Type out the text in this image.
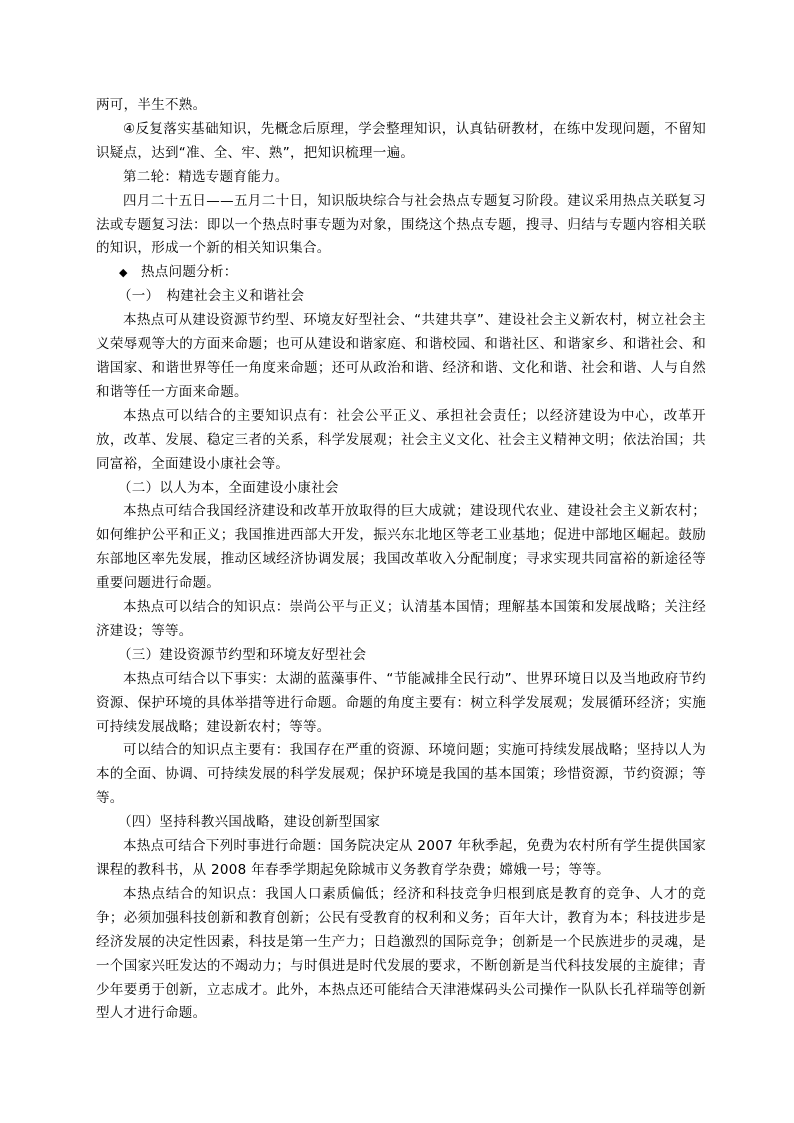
两可，半生不熟。

④反复落实基础知识，先概念后原理，学会整理知识，认真钻研教材，在练中发现问题，不留知识疑点，达到“准、全、牢、熟”，把知识梳理一遍。

第二轮：精选专题育能力。

四月二十五日——五月二十日，知识版块综合与社会热点专题复习阶段。建议采用热点关联复习法或专题复习法：即以一个热点时事专题为对象，围绕这个热点专题，搜寻、归结与专题内容相关联的知识，形成一个新的相关知识集合。

◆ 热点问题分析：

（一）　构建社会主义和谐社会

本热点可从建设资源节约型、环境友好型社会、“共建共享”、建设社会主义新农村，树立社会主义荣辱观等大的方面来命题；也可从建设和谐家庭、和谐校园、和谐社区、和谐家乡、和谐社会、和谐国家、和谐世界等任一角度来命题；还可从政治和谐、经济和谐、文化和谐、社会和谐、人与自然和谐等任一方面来命题。

本热点可以结合的主要知识点有：社会公平正义、承担社会责任；以经济建设为中心，改革开放，改革、发展、稳定三者的关系，科学发展观；社会主义文化、社会主义精神文明；依法治国；共同富裕，全面建设小康社会等。

（二）以人为本，全面建设小康社会

本热点可结合我国经济建设和改革开放取得的巨大成就；建设现代农业、建设社会主义新农村；如何维护公平和正义；我国推进西部大开发，振兴东北地区等老工业基地；促进中部地区崛起。鼓励东部地区率先发展，推动区域经济协调发展；我国改革收入分配制度；寻求实现共同富裕的新途径等重要问题进行命题。

本热点可以结合的知识点：崇尚公平与正义；认清基本国情；理解基本国策和发展战略；关注经济建设；等等。

（三）建设资源节约型和环境友好型社会

本热点可结合以下事实：太湖的蓝藻事件、“节能减排全民行动”、世界环境日以及当地政府节约资源、保护环境的具体举措等进行命题。命题的角度主要有：树立科学发展观；发展循环经济；实施可持续发展战略；建设新农村；等等。

可以结合的知识点主要有：我国存在严重的资源、环境问题；实施可持续发展战略；坚持以人为本的全面、协调、可持续发展的科学发展观；保护环境是我国的基本国策；珍惜资源，节约资源；等等。

（四）坚持科教兴国战略，建设创新型国家

本热点可结合下列时事进行命题：国务院决定从 2007 年秋季起，免费为农村所有学生提供国家课程的教科书，从 2008 年春季学期起免除城市义务教育学杂费；嫦娥一号；等等。

本热点结合的知识点：我国人口素质偏低；经济和科技竞争归根到底是教育的竞争、人才的竞争；必须加强科技创新和教育创新；公民有受教育的权利和义务；百年大计，教育为本；科技进步是经济发展的决定性因素，科技是第一生产力；日趋激烈的国际竞争；创新是一个民族进步的灵魂，是一个国家兴旺发达的不竭动力；与时俱进是时代发展的要求，不断创新是当代科技发展的主旋律；青少年要勇于创新，立志成才。此外，本热点还可能结合天津港煤码头公司操作一队队长孔祥瑞等创新型人才进行命题。
